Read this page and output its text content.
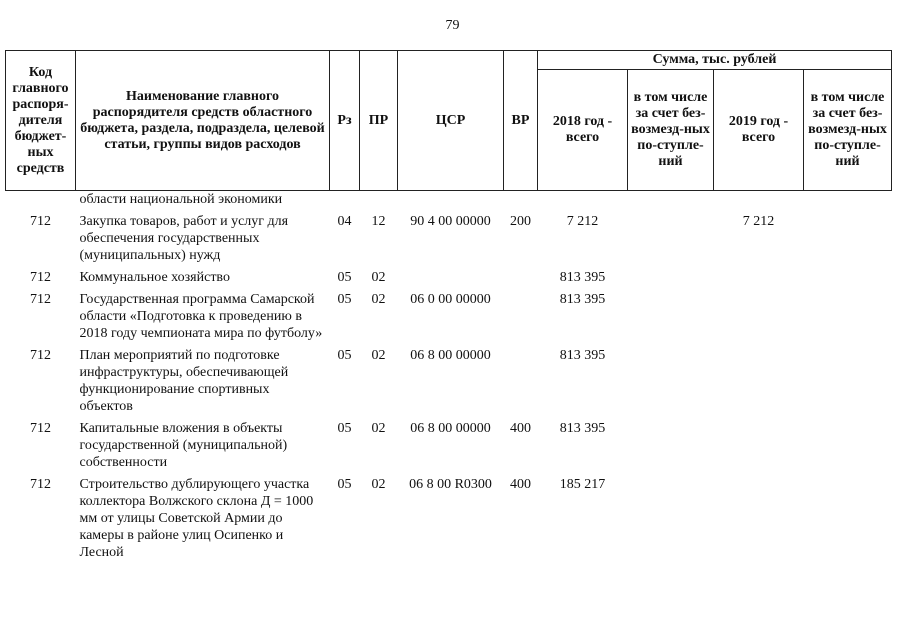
79
Код главного распоря-дителя бюджет-ных средств	Наименование главного распорядителя средств областного бюджета, раздела, подраздела, целевой статьи, группы видов расходов	Рз	ПР	ЦСР	ВР	Сумма, тыс. рублей			
						2018 год - всего	в том числе за счет без-возмезд-ных по-ступле-ний	2019 год - всего	в том числе за счет без-возмезд-ных по-ступле-ний
	области национальной экономики								
712	Закупка товаров, работ и услуг для обеспечения государственных (муниципальных) нужд	04	12	90 4 00 00000	200	7 212		7 212	
712	Коммунальное хозяйство	05	02			813 395			
712	Государственная программа Самарской области «Подготовка к проведению в 2018 году чемпионата мира по футболу»	05	02	06 0 00 00000		813 395			
712	План мероприятий по подготовке инфраструктуры, обеспечивающей функционирование спортивных объектов	05	02	06 8 00 00000		813 395			
712	Капитальные вложения в объекты государственной (муниципальной) собственности	05	02	06 8 00 00000	400	813 395			
712	Строительство дублирующего участка коллектора Волжского склона Д = 1000 мм от улицы Советской Армии до камеры в районе улиц Осипенко и Лесной	05	02	06 8 00 R0300	400	185 217			
